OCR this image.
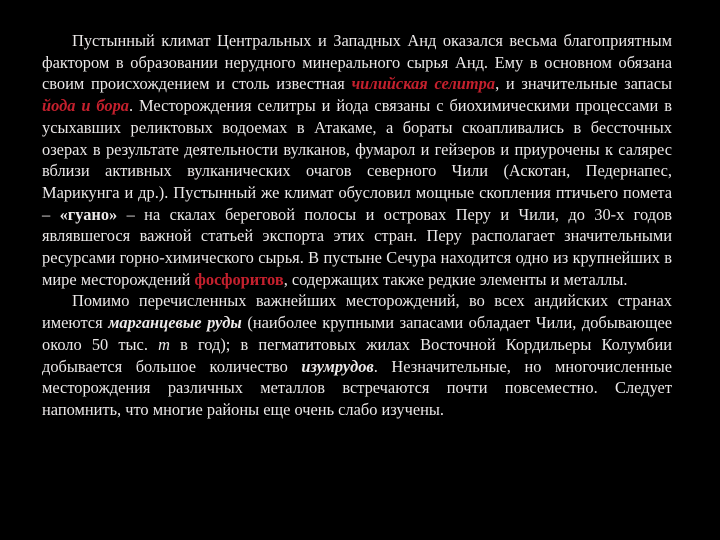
Пустынный климат Центральных и Западных Анд оказался весьма благоприятным фактором в образовании нерудного минерального сырья Анд. Ему в основном обязана своим происхождением и столь известная чилийская селитра, и значительные запасы йода и бора. Месторождения селитры и йода связаны с биохимическими процессами в усыхавших реликтовых водоемах в Атакаме, а бораты скоапливались в бессточных озерах в результате деятельности вулканов, фумарол и гейзеров и приурочены к салярес вблизи активных вулканических очагов северного Чили (Аскотан, Педернапес, Марикунга и др.). Пустынный же климат обусловил мощные скопления птичьего помета – «гуано» – на скалах береговой полосы и островах Перу и Чили, до 30-х годов являвшегося важной статьей экспорта этих стран. Перу располагает значительными ресурсами горно-химического сырья. В пустыне Сечура находится одно из крупнейших в мире месторождений фосфоритов, содержащих также редкие элементы и металлы.

Помимо перечисленных важнейших месторождений, во всех андийских странах имеются марганцевые руды (наиболее крупными запасами обладает Чили, добывающее около 50 тыс. т в год); в пегматитовых жилах Восточной Кордильеры Колумбии добывается большое количество изумрудов. Незначительные, но многочисленные месторождения различных металлов встречаются почти повсеместно. Следует напомнить, что многие районы еще очень слабо изучены.
